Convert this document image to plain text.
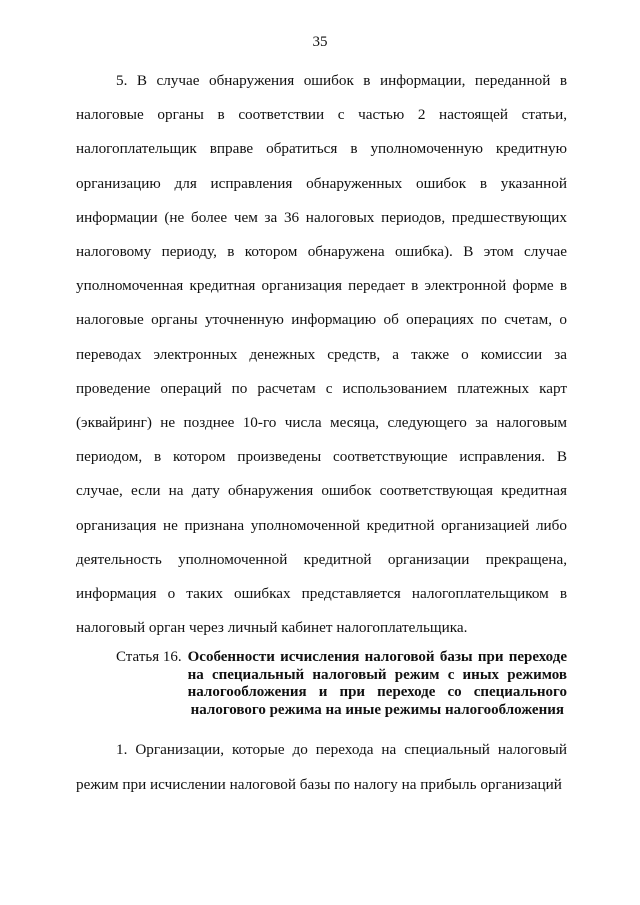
35

5. В случае обнаружения ошибок в информации, переданной в налоговые органы в соответствии с частью 2 настоящей статьи, налогоплательщик вправе обратиться в уполномоченную кредитную организацию для исправления обнаруженных ошибок в указанной информации (не более чем за 36 налоговых периодов, предшествующих налоговому периоду, в котором обнаружена ошибка). В этом случае уполномоченная кредитная организация передает в электронной форме в налоговые органы уточненную информацию об операциях по счетам, о переводах электронных денежных средств, а также о комиссии за проведение операций по расчетам с использованием платежных карт (эквайринг) не позднее 10-го числа месяца, следующего за налоговым периодом, в котором произведены соответствующие исправления. В случае, если на дату обнаружения ошибок соответствующая кредитная организация не признана уполномоченной кредитной организацией либо деятельность уполномоченной кредитной организации прекращена, информация о таких ошибках представляется налогоплательщиком в налоговый орган через личный кабинет налогоплательщика.

Статья 16. Особенности исчисления налоговой базы при переходе на специальный налоговый режим с иных режимов налогообложения и при переходе со специального налогового режима на иные режимы налогообложения

1. Организации, которые до перехода на специальный налоговый режим при исчислении налоговой базы по налогу на прибыль организаций
